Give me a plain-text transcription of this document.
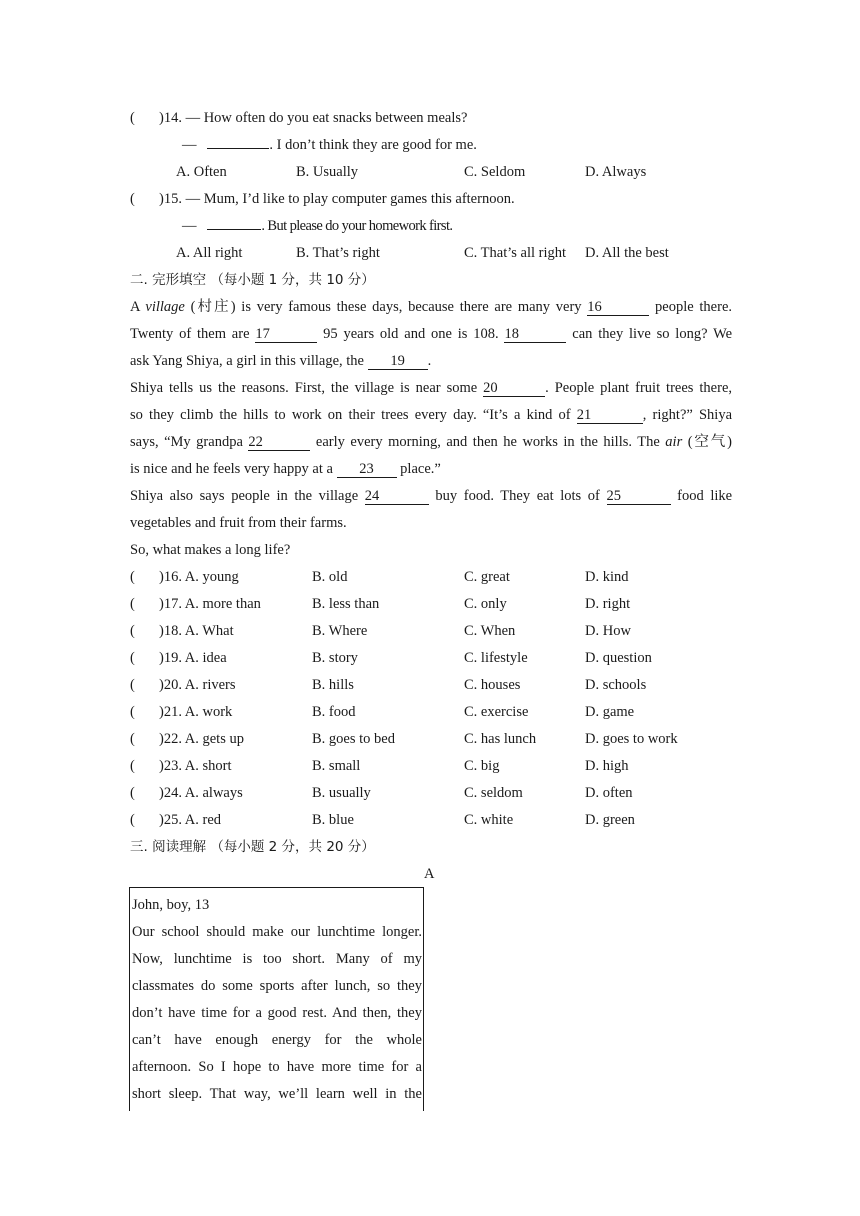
( )14. — How often do you eat snacks between meals?
—	. I don’t think they are good for me.
A. Often	B. Usually	C. Seldom	D. Always
( )15. — Mum, I’d like to play computer games this afternoon.
—	. But please do your homework first.
A. All right	B. That’s right	C. That’s all right D. All the best
二. 完形填空 （每小题 1 分，共 10 分）
A village (村庄) is very famous these days, because there are many very 16	people there.
Twenty of them are 17	95 years old and one is 108. 18	can they live so long? We
ask Yang Shiya, a girl in this village, the 19 .
Shiya tells us the reasons. First, the village is near some 20	. People plant fruit trees there,
so they climb the hills to work on their trees every day. “It’s a kind of 21	, right?” Shiya
says, “My grandpa 22	early every morning, and then he works in the hills. The air (空气)
is nice and he feels very happy at a 23 place.”
Shiya also says people in the village 24	buy food. They eat lots of 25	food like
vegetables and fruit from their farms.
So, what makes a long life?
( )16. A. young	B. old	C. great	D. kind
( )17. A. more than	B. less than	C. only	D. right
( )18. A. What	B. Where	C. When	D. How
( )19. A. idea	B. story	C. lifestyle	D. question
( )20. A. rivers	B. hills	C. houses	D. schools
( )21. A. work	B. food	C. exercise	D. game
( )22. A. gets up	B. goes to bed	C. has lunch	D. goes to work
( )23. A. short	B. small	C. big	D. high
( )24. A. always	B. usually	C. seldom	D. often
( )25. A. red	B. blue	C. white	D. green
三. 阅读理解 （每小题 2 分，共 20 分）
A
John, boy, 13
Our school should make our lunchtime longer.
Now, lunchtime is too short. Many of my
classmates do some sports after lunch, so they
don’t have time for a good rest. And then, they
can’t have enough energy for the whole
afternoon. So I hope to have more time for a
short sleep. That way, we’ll learn well in the
